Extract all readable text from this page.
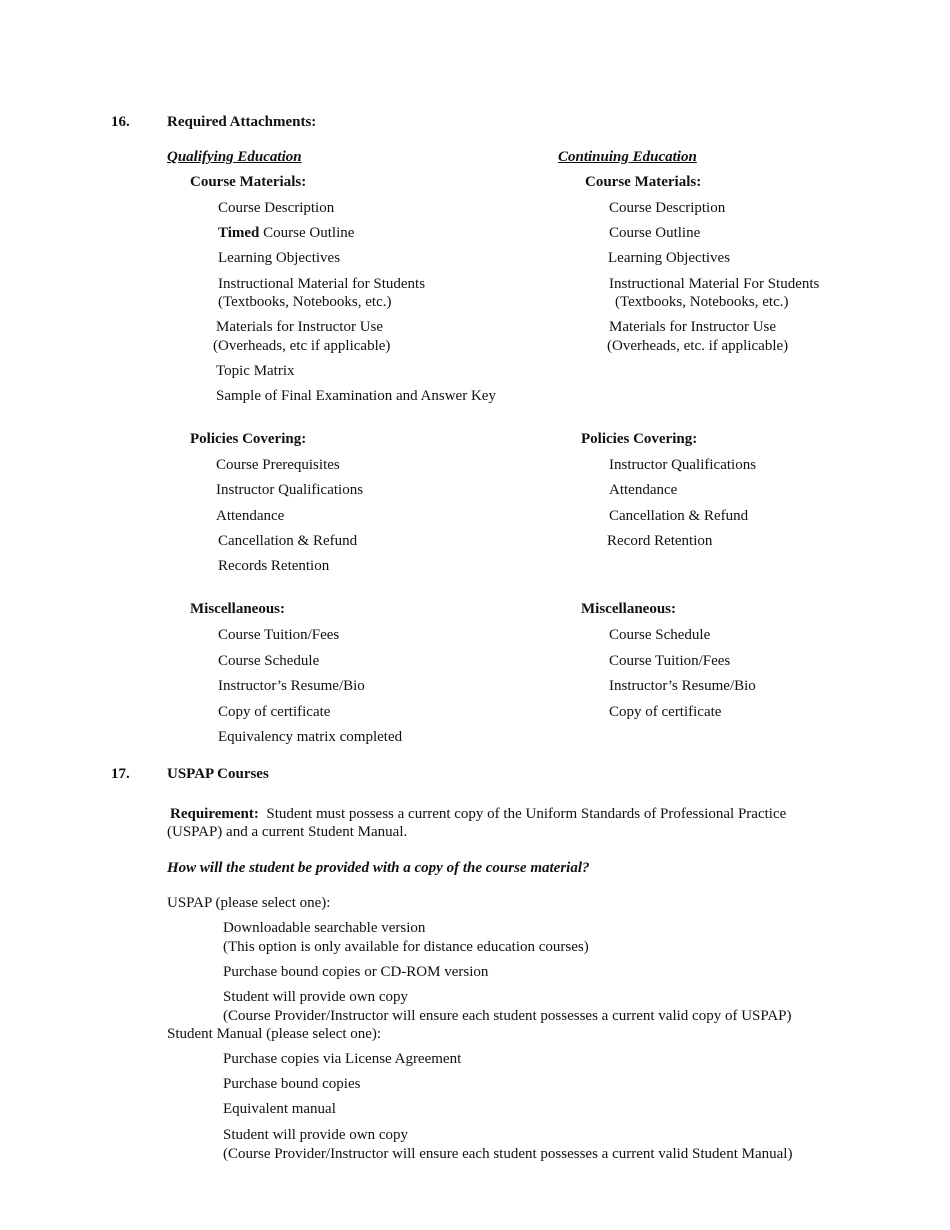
16. Required Attachments:
Qualifying Education
Course Materials:
Course Description
Timed Course Outline
Learning Objectives
Instructional Material for Students
(Textbooks, Notebooks, etc.)
Materials for Instructor Use
(Overheads, etc if applicable)
Topic Matrix
Sample of Final Examination and Answer Key
Policies Covering:
Course Prerequisites
Instructor Qualifications
Attendance
Cancellation & Refund
Records Retention
Miscellaneous:
Course Tuition/Fees
Course Schedule
Instructor’s Resume/Bio
Copy of certificate
Equivalency matrix completed
Continuing Education
Course Materials:
Course Description
Course Outline
Learning Objectives
Instructional Material For Students
(Textbooks, Notebooks, etc.)
Materials for Instructor Use
(Overheads, etc. if applicable)
Policies Covering:
Instructor Qualifications
Attendance
Cancellation & Refund
Record Retention
Miscellaneous:
Course Schedule
Course Tuition/Fees
Instructor’s Resume/Bio
Copy of certificate
17. USPAP Courses
Requirement: Student must possess a current copy of the Uniform Standards of Professional Practice
(USPAP) and a current Student Manual.
How will the student be provided with a copy of the course material?
USPAP (please select one):
Downloadable searchable version
(This option is only available for distance education courses)
Purchase bound copies or CD-ROM version
Student will provide own copy
(Course Provider/Instructor will ensure each student possesses a current valid copy of USPAP)
Student Manual (please select one):
Purchase copies via License Agreement
Purchase bound copies
Equivalent manual
Student will provide own copy
(Course Provider/Instructor will ensure each student possesses a current valid Student Manual)
